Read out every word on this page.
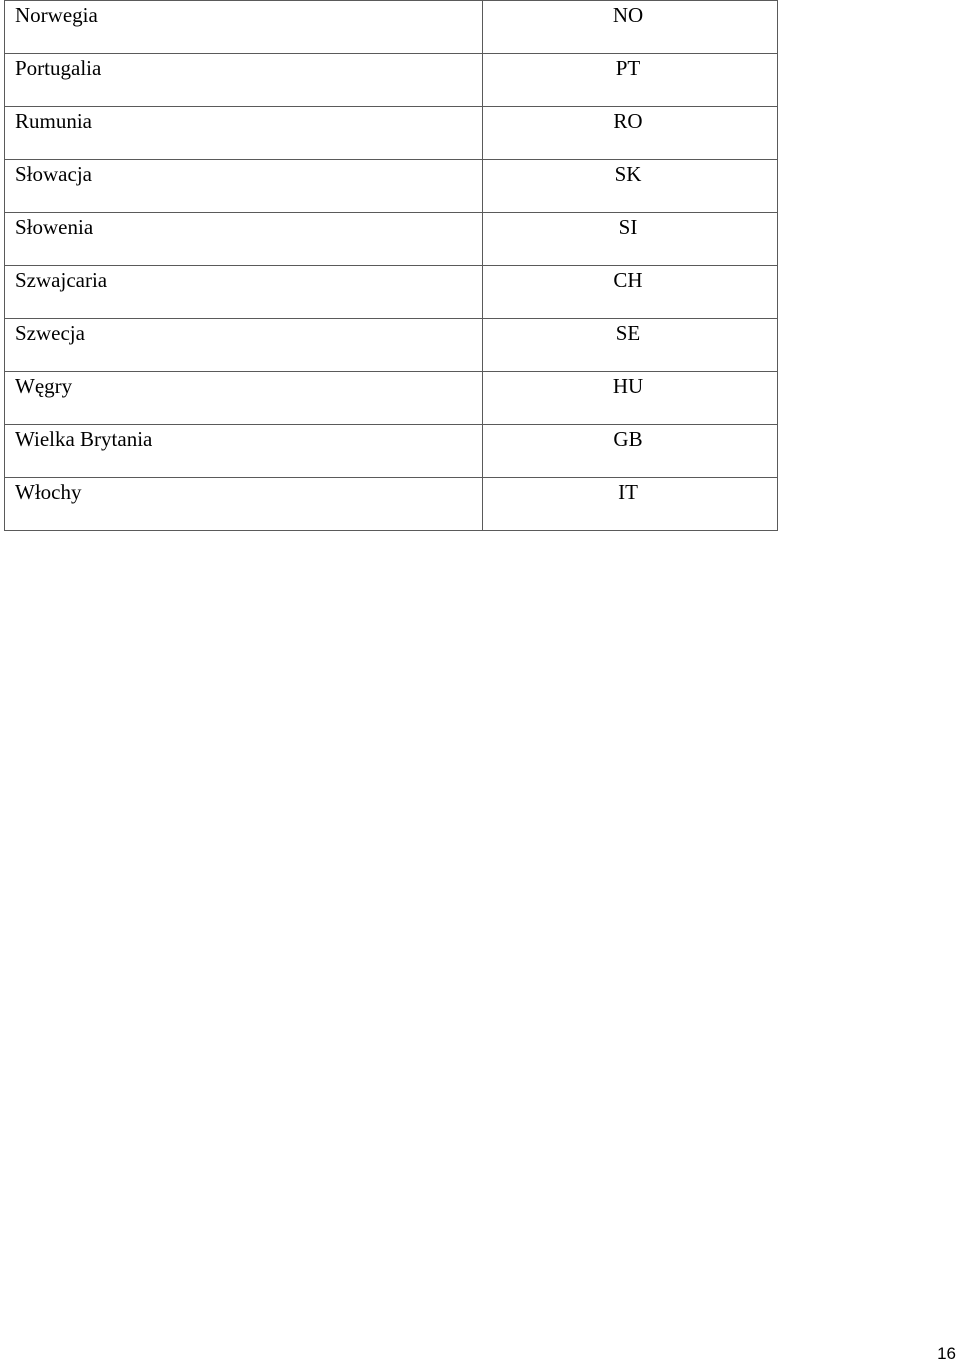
Norwegia	NO
Portugalia	PT
Rumunia	RO
Słowacja	SK
Słowenia	SI
Szwajcaria	CH
Szwecja	SE
Węgry	HU
Wielka Brytania	GB
Włochy	IT
16
